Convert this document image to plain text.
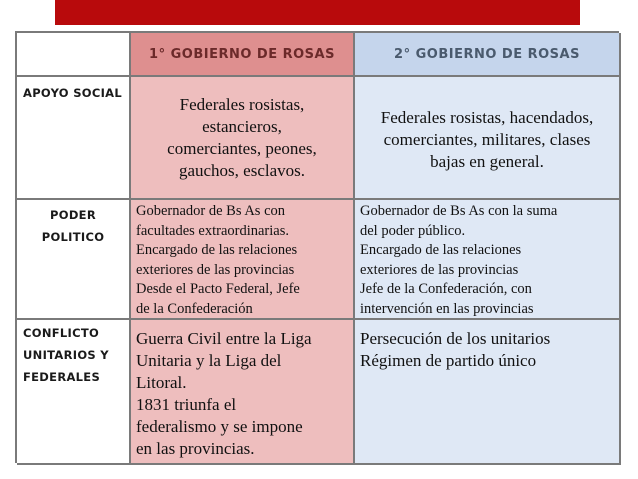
1° GOBIERNO DE ROSAS	2° GOBIERNO DE ROSAS
APOYO SOCIAL
Federales rosistas,
estancieros,
comerciantes, peones,
gauchos, esclavos.
Federales rosistas, hacendados,
comerciantes, militares, clases
bajas en general.
PODER
POLITICO
Gobernador de Bs As con
facultades extraordinarias.
Encargado de las relaciones
exteriores de las provincias
Desde el Pacto Federal, Jefe
de la Confederación
Gobernador de Bs As con la suma
del poder público.
Encargado de las relaciones
exteriores de las provincias
Jefe de la Confederación, con
intervención en las provincias
CONFLICTO
UNITARIOS Y
FEDERALES
Guerra Civil entre la Liga
Unitaria y la Liga del
Litoral.
1831 triunfa el
federalismo y se impone
en las provincias.
Persecución de los unitarios
Régimen de partido único
